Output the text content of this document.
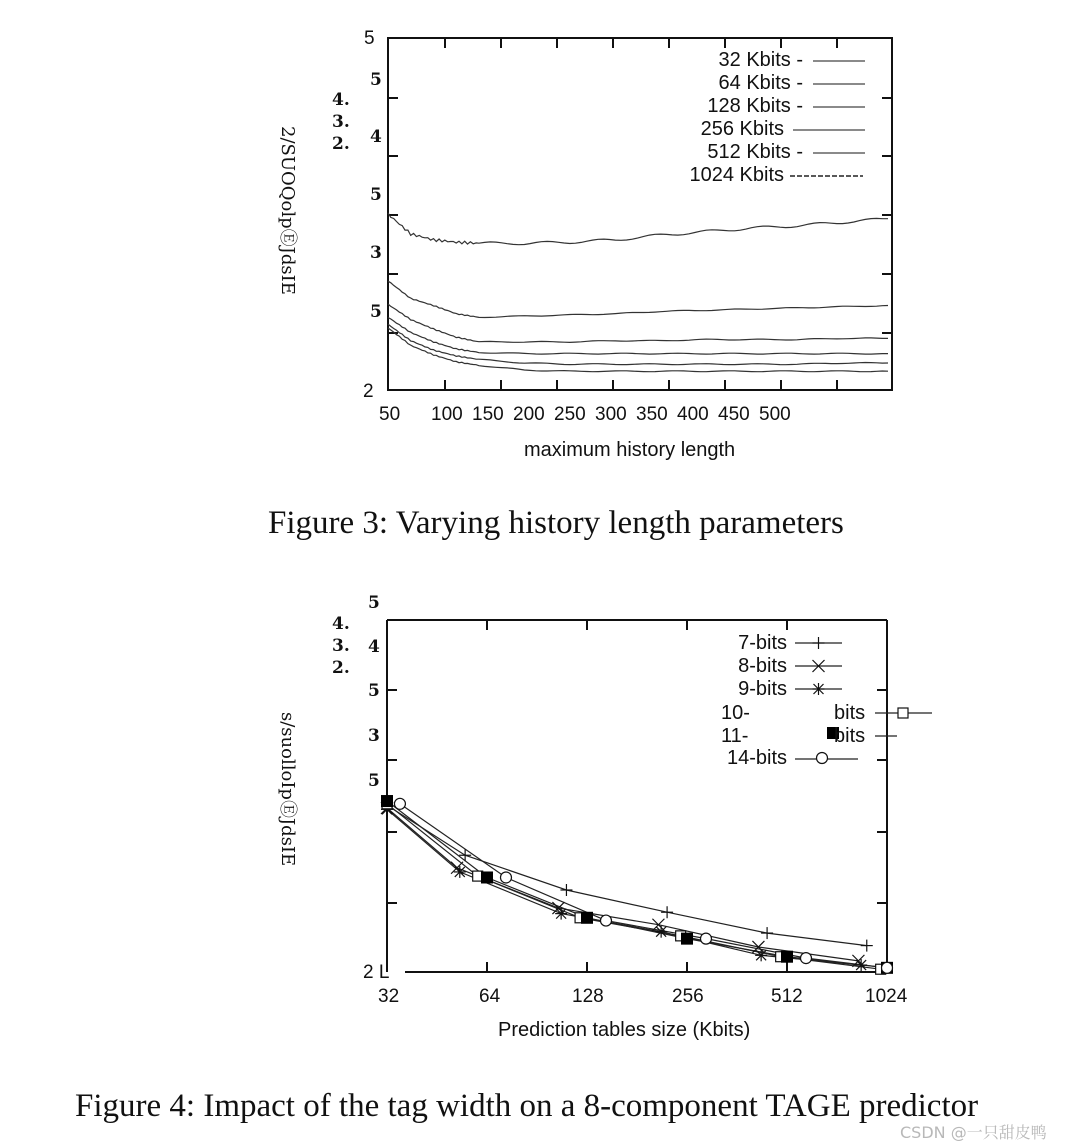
2/SUOQolpⒺJdsIE
4.
3.
2.
5
5
4
5
3
5
2
50 100 150 200 250 300 350 400 450 500
maximum history length
32 Kbits -
64 Kbits -
128 Kbits -
256 Kbits
512 Kbits -
1024 Kbits
Figure 3: Varying history length parameters
s/suolloIpⒺJdsIE
4.
3.
2.
5
4
5
3
5
2 L
32	64	128	256	512	1024
Prediction tables size (Kbits)
7-bits
8-bits
9-bits
10-	bits
11-	bits
14-bits
Figure 4: Impact of the tag width on a 8-component TAGE predictor
CSDN @一只甜皮鸭
